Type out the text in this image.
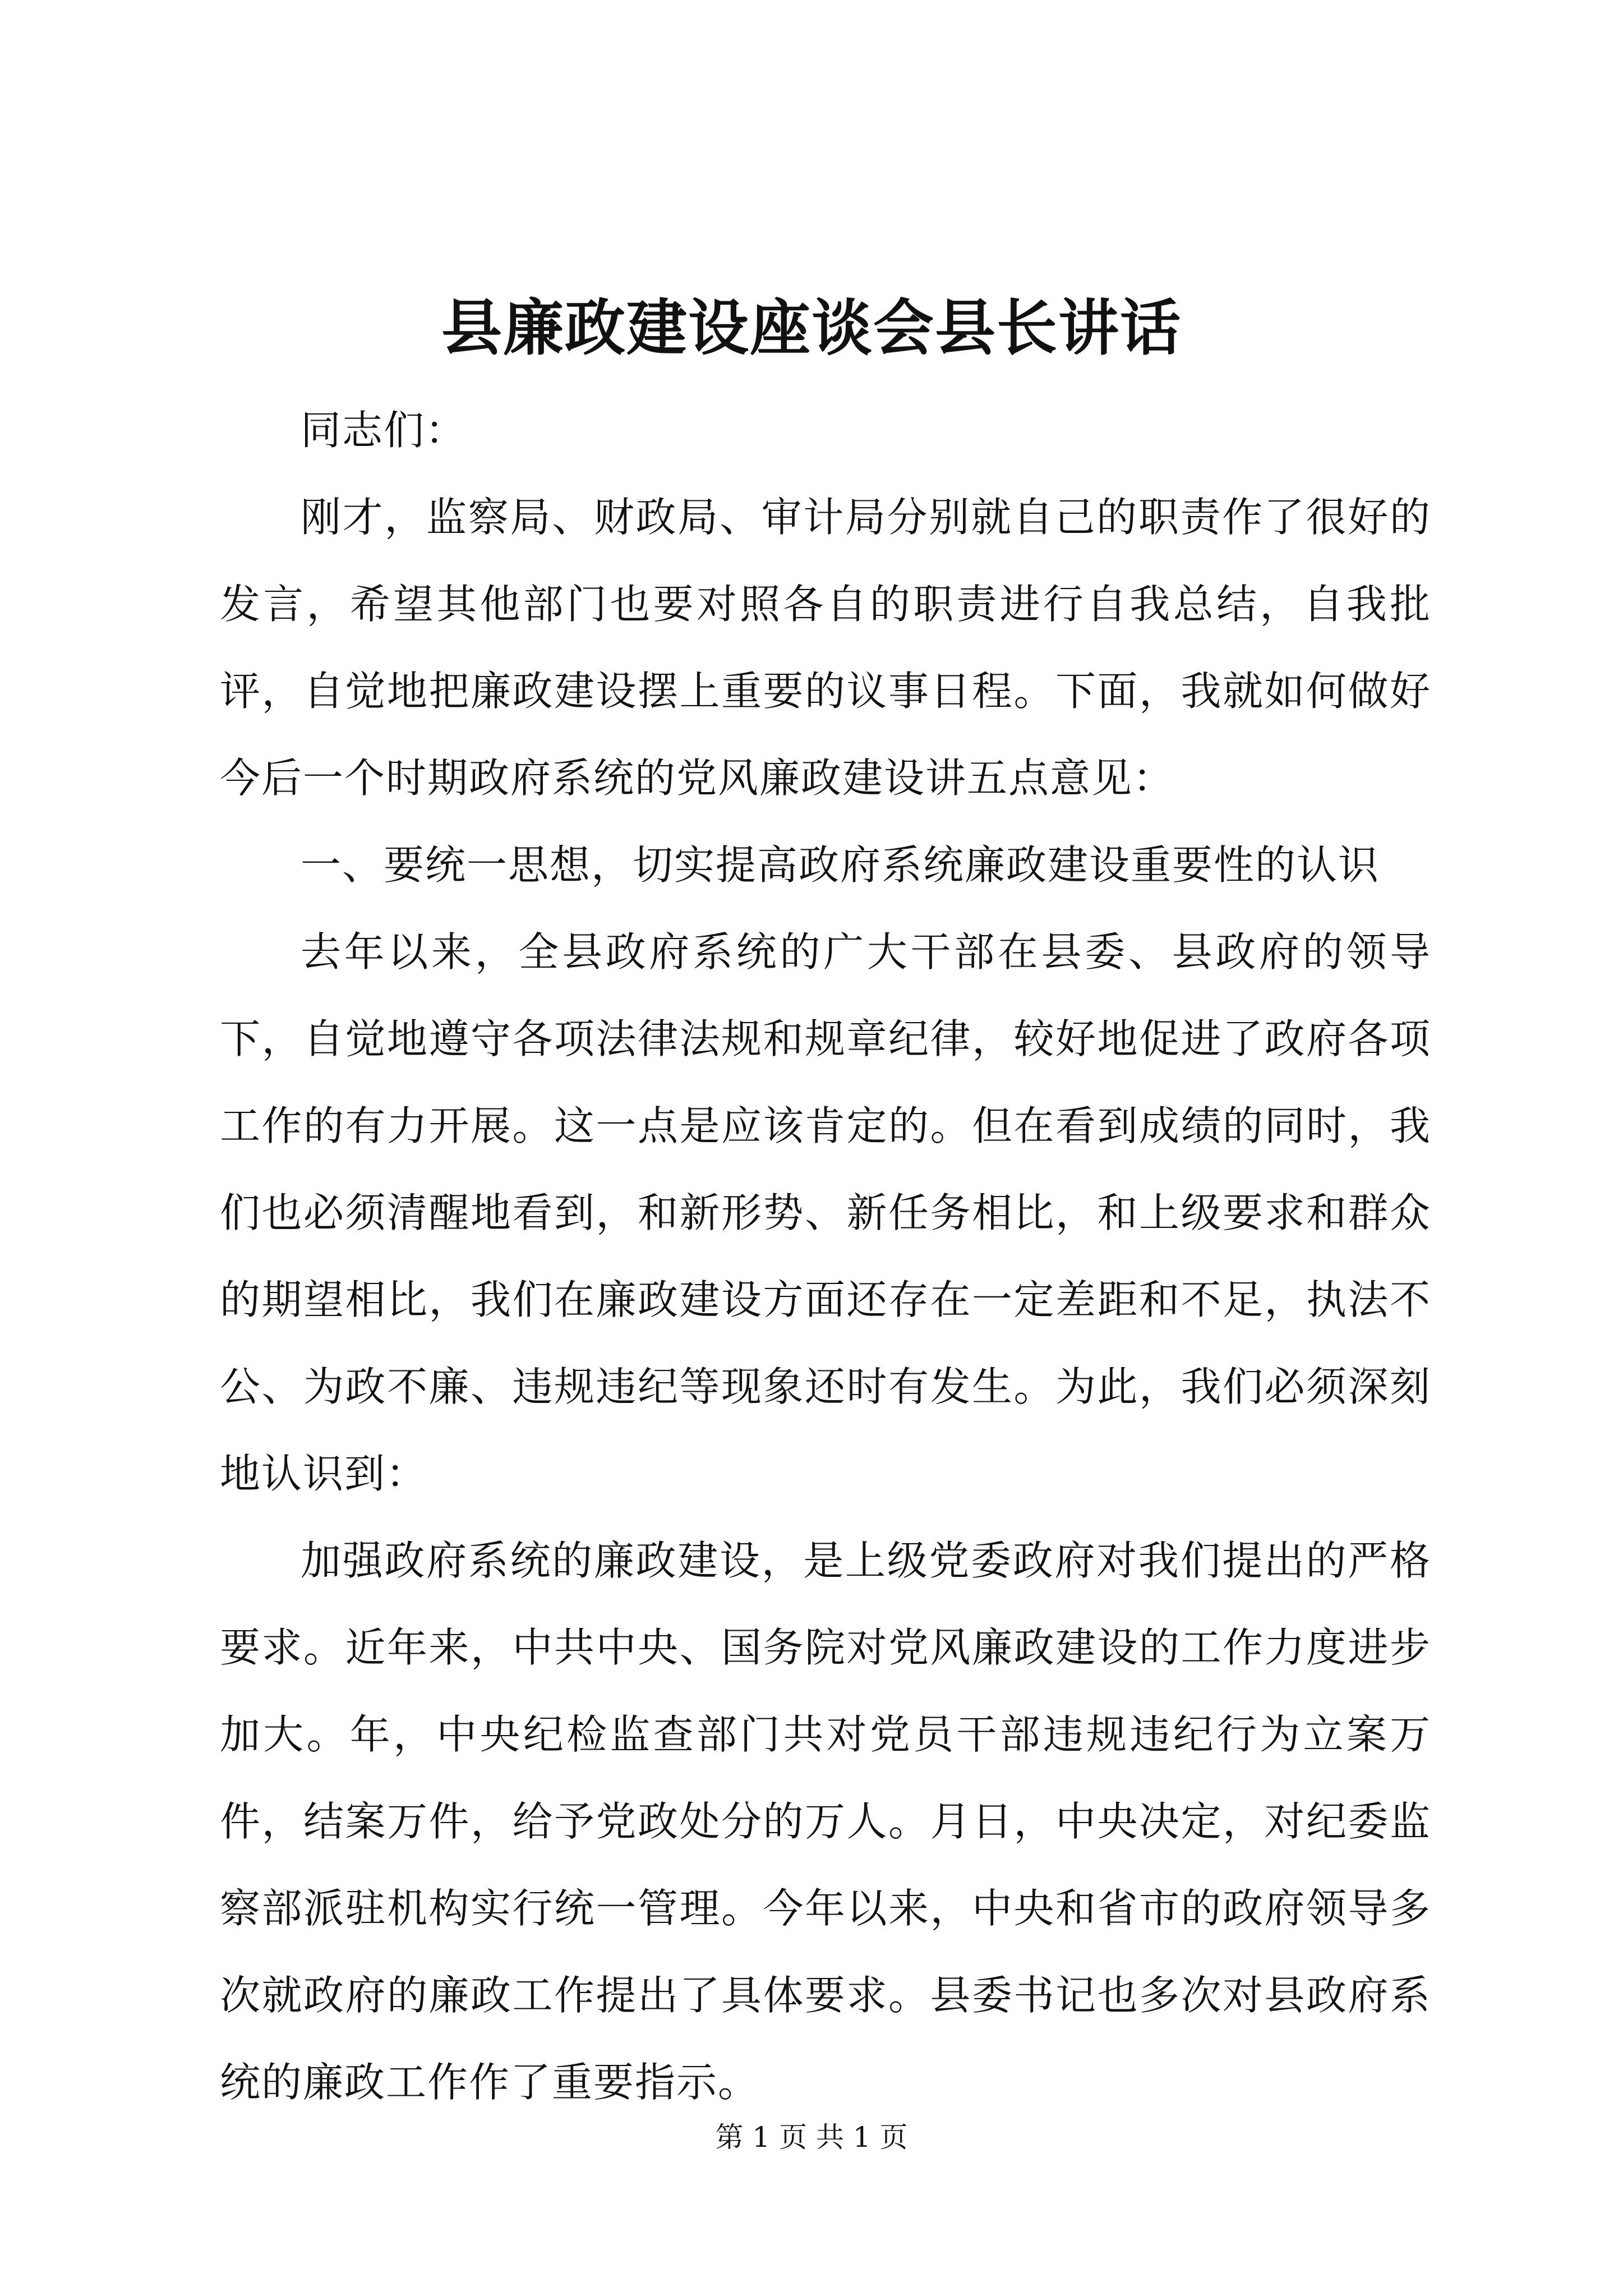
县廉政建设座谈会县长讲话

同志们：

刚才，监察局、财政局、审计局分别就自己的职责作了很好的发言，希望其他部门也要对照各自的职责进行自我总结，自我批评，自觉地把廉政建设摆上重要的议事日程。下面，我就如何做好今后一个时期政府系统的党风廉政建设讲五点意见：

一、要统一思想，切实提高政府系统廉政建设重要性的认识

去年以来，全县政府系统的广大干部在县委、县政府的领导下，自觉地遵守各项法律法规和规章纪律，较好地促进了政府各项工作的有力开展。这一点是应该肯定的。但在看到成绩的同时，我们也必须清醒地看到，和新形势、新任务相比，和上级要求和群众的期望相比，我们在廉政建设方面还存在一定差距和不足，执法不公、为政不廉、违规违纪等现象还时有发生。为此，我们必须深刻地认识到：

加强政府系统的廉政建设，是上级党委政府对我们提出的严格要求。近年来，中共中央、国务院对党风廉政建设的工作力度进步加大。年，中央纪检监查部门共对党员干部违规违纪行为立案万件，结案万件，给予党政处分的万人。月日，中央决定，对纪委监察部派驻机构实行统一管理。今年以来，中央和省市的政府领导多次就政府的廉政工作提出了具体要求。县委书记也多次对县政府系统的廉政工作作了重要指示。

第 1 页 共 1 页
